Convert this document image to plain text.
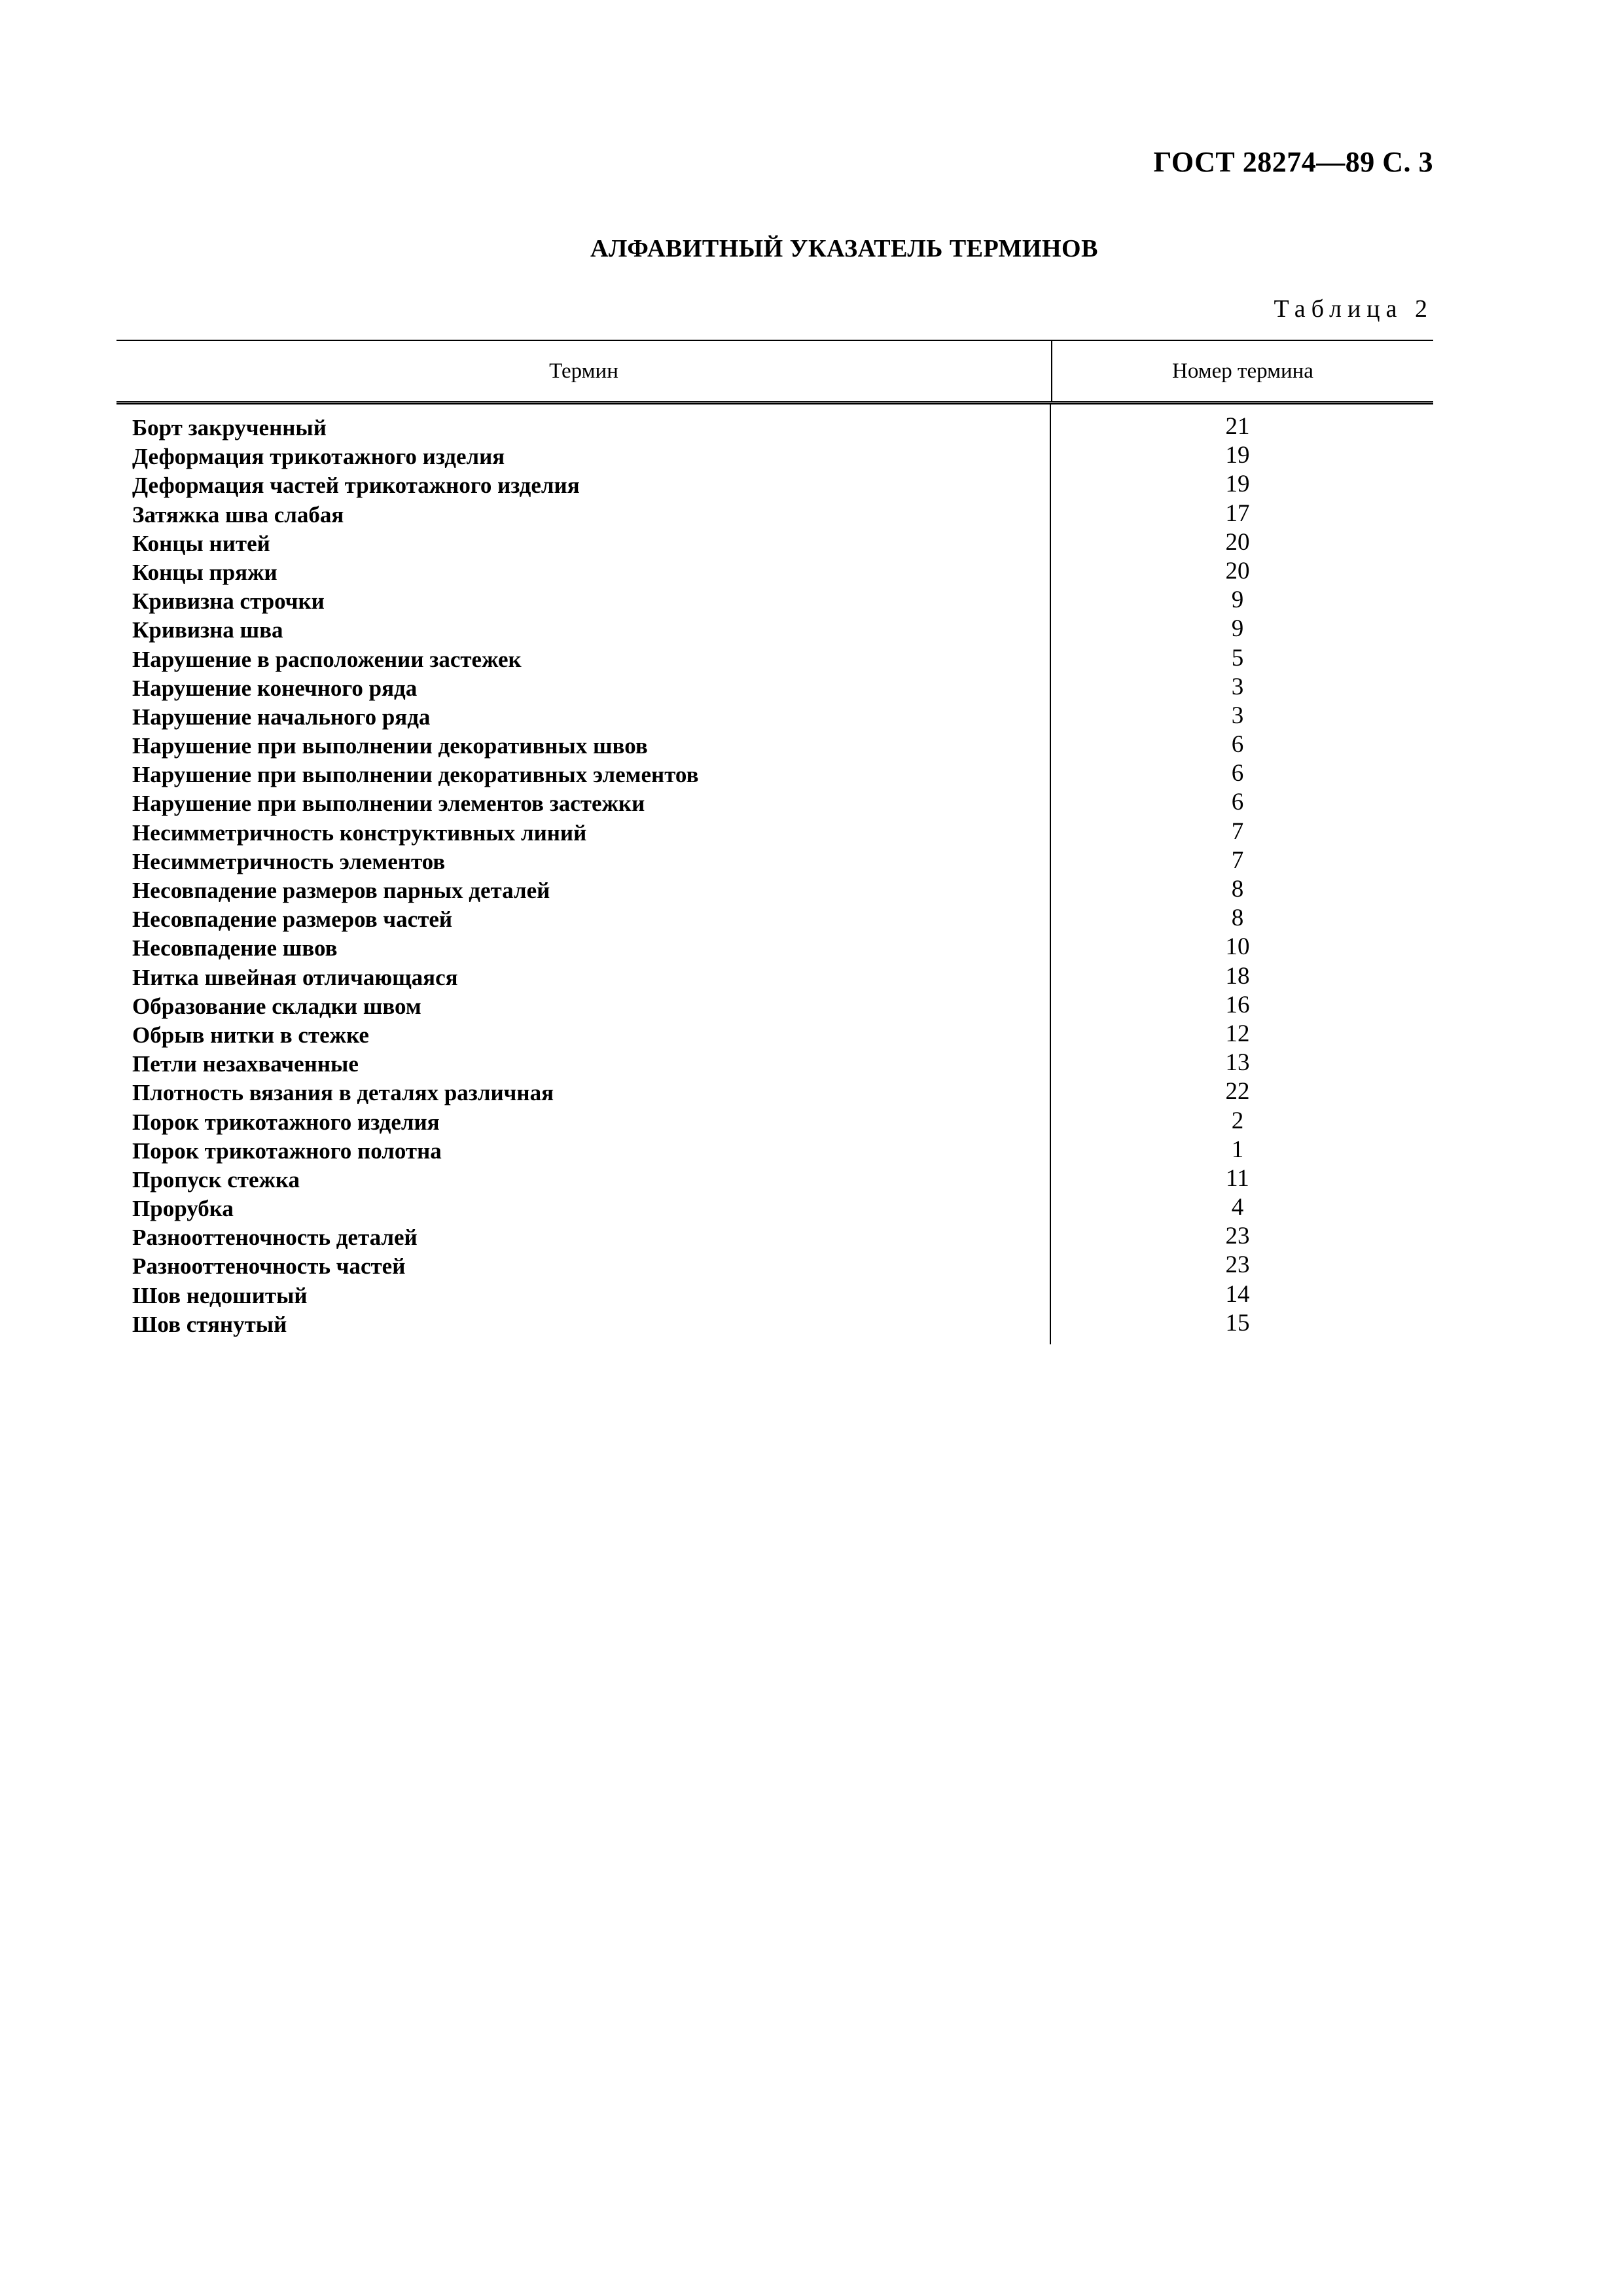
ГОСТ 28274—89 С. 3
АЛФАВИТНЫЙ УКАЗАТЕЛЬ ТЕРМИНОВ
Таблица 2
Термин	Номер термина
Борт закрученный
Деформация трикотажного изделия
Деформация частей трикотажного изделия
Затяжка шва слабая
Концы нитей
Концы пряжи
Кривизна строчки
Кривизна шва
Нарушение в расположении застежек
Нарушение конечного ряда
Нарушение начального ряда
Нарушение при выполнении декоративных швов
Нарушение при выполнении декоративных элементов
Нарушение при выполнении элементов застежки
Несимметричность конструктивных линий
Несимметричность элементов
Несовпадение размеров парных деталей
Несовпадение размеров частей
Несовпадение швов
Нитка швейная отличающаяся
Образование складки швом
Обрыв нитки в стежке
Петли незахваченные
Плотность вязания в деталях различная
Порок трикотажного изделия
Порок трикотажного полотна
Пропуск стежка
Прорубка
Разнооттеночность деталей
Разнооттеночность частей
Шов недошитый
Шов стянутый
21
19
19
17
20
20
9
9
5
3
3
6
6
6
7
7
8
8
10
18
16
12
13
22
2
1
11
4
23
23
14
15
